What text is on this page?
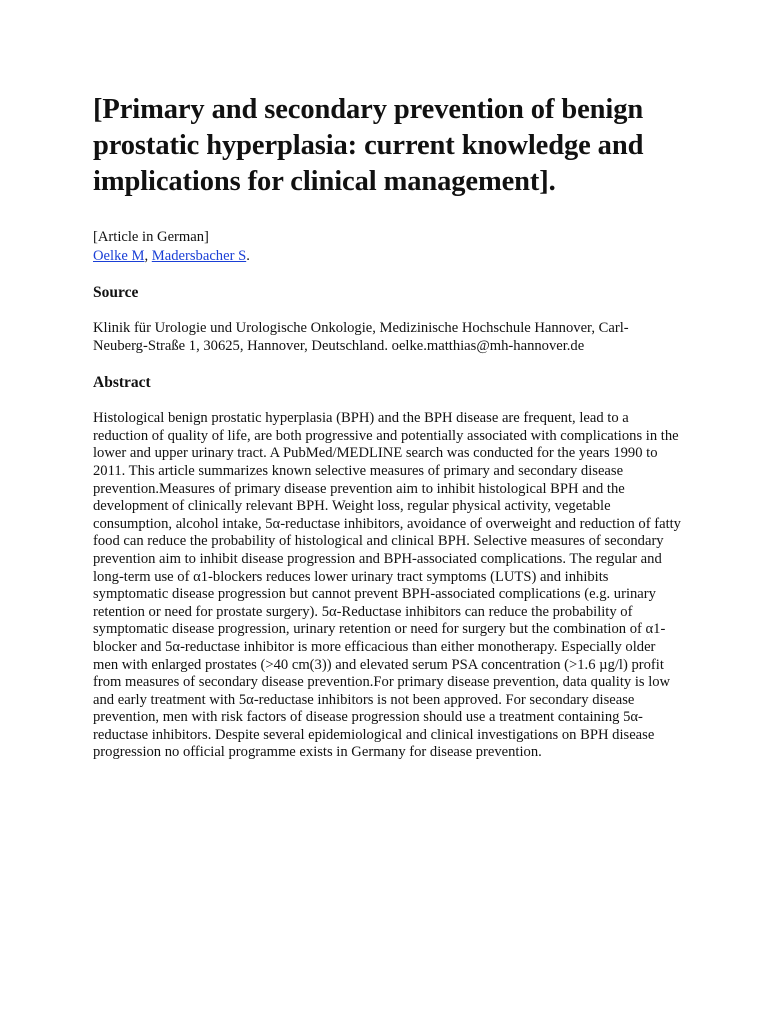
[Primary and secondary prevention of benign prostatic hyperplasia: current knowledge and implications for clinical management].
[Article in German]
Oelke M, Madersbacher S.
Source

Klinik für Urologie und Urologische Onkologie, Medizinische Hochschule Hannover, Carl-Neuberg-Straße 1, 30625, Hannover, Deutschland. oelke.matthias@mh-hannover.de

Abstract

Histological benign prostatic hyperplasia (BPH) and the BPH disease are frequent, lead to a reduction of quality of life, are both progressive and potentially associated with complications in the lower and upper urinary tract. A PubMed/MEDLINE search was conducted for the years 1990 to 2011. This article summarizes known selective measures of primary and secondary disease prevention.Measures of primary disease prevention aim to inhibit histological BPH and the development of clinically relevant BPH. Weight loss, regular physical activity, vegetable consumption, alcohol intake, 5α-reductase inhibitors, avoidance of overweight and reduction of fatty food can reduce the probability of histological and clinical BPH. Selective measures of secondary prevention aim to inhibit disease progression and BPH-associated complications. The regular and long-term use of α1-blockers reduces lower urinary tract symptoms (LUTS) and inhibits symptomatic disease progression but cannot prevent BPH-associated complications (e.g. urinary retention or need for prostate surgery). 5α-Reductase inhibitors can reduce the probability of symptomatic disease progression, urinary retention or need for surgery but the combination of α1-blocker and 5α-reductase inhibitor is more efficacious than either monotherapy. Especially older men with enlarged prostates (>40 cm(3)) and elevated serum PSA concentration (>1.6 µg/l) profit from measures of secondary disease prevention.For primary disease prevention, data quality is low and early treatment with 5α-reductase inhibitors is not been approved. For secondary disease prevention, men with risk factors of disease progression should use a treatment containing 5α-reductase inhibitors. Despite several epidemiological and clinical investigations on BPH disease progression no official programme exists in Germany for disease prevention.
